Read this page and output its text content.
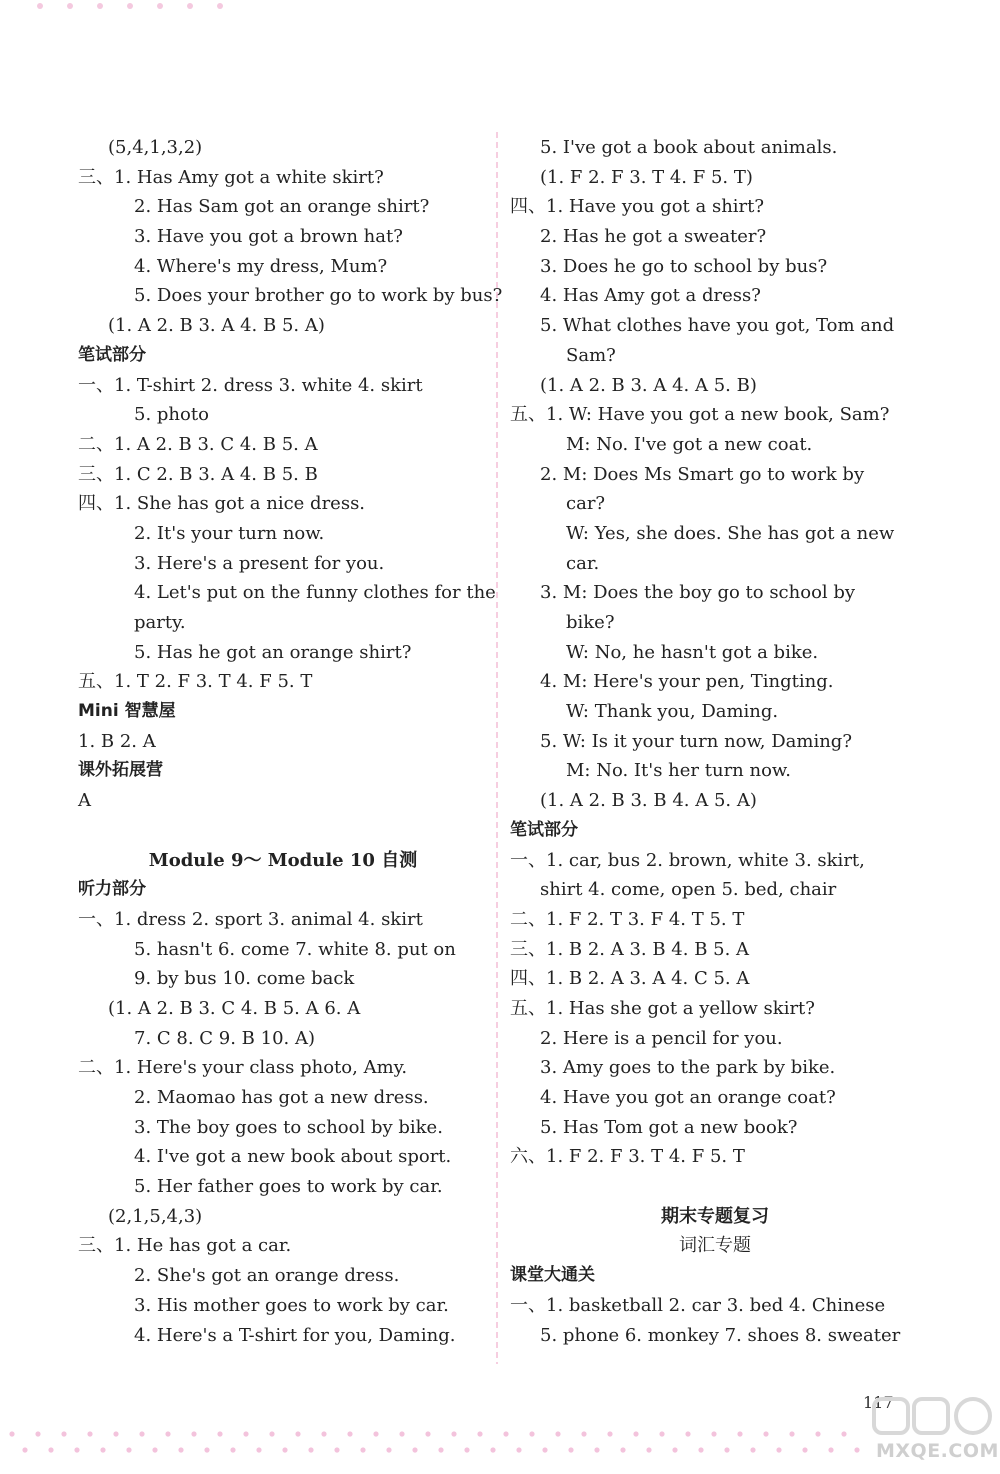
(5,4,1,3,2)
三、1. Has Amy got a white skirt?
2. Has Sam got an orange shirt?
3. Have you got a brown hat?
4. Where's my dress, Mum?
5. Does your brother go to work by bus?
(1. A 2. B 3. A 4. B 5. A)
笔试部分
一、1. T-shirt 2. dress 3. white 4. skirt
5. photo
二、1. A 2. B 3. C 4. B 5. A
三、1. C 2. B 3. A 4. B 5. B
四、1. She has got a nice dress.
2. It's your turn now.
3. Here's a present for you.
4. Let's put on the funny clothes for the
party.
5. Has he got an orange shirt?
五、1. T 2. F 3. T 4. F 5. T
Mini 智慧屋
1. B 2. A
课外拓展营
A
Module 9～ Module 10 自测
听力部分
一、1. dress 2. sport 3. animal 4. skirt
5. hasn't 6. come 7. white 8. put on
9. by bus 10. come back
(1. A 2. B 3. C 4. B 5. A 6. A
7. C 8. C 9. B 10. A)
二、1. Here's your class photo, Amy.
2. Maomao has got a new dress.
3. The boy goes to school by bike.
4. I've got a new book about sport.
5. Her father goes to work by car.
(2,1,5,4,3)
三、1. He has got a car.
2. She's got an orange dress.
3. His mother goes to work by car.
4. Here's a T-shirt for you, Daming.
5. I've got a book about animals.
(1. F 2. F 3. T 4. F 5. T)
四、1. Have you got a shirt?
2. Has he got a sweater?
3. Does he go to school by bus?
4. Has Amy got a dress?
5. What clothes have you got, Tom and
Sam?
(1. A 2. B 3. A 4. A 5. B)
五、1. W: Have you got a new book, Sam?
M: No. I've got a new coat.
2. M: Does Ms Smart go to work by
car?
W: Yes, she does. She has got a new
car.
3. M: Does the boy go to school by
bike?
W: No, he hasn't got a bike.
4. M: Here's your pen, Tingting.
W: Thank you, Daming.
5. W: Is it your turn now, Daming?
M: No. It's her turn now.
(1. A 2. B 3. B 4. A 5. A)
笔试部分
一、1. car, bus 2. brown, white 3. skirt,
shirt 4. come, open 5. bed, chair
二、1. F 2. T 3. F 4. T 5. T
三、1. B 2. A 3. B 4. B 5. A
四、1. B 2. A 3. A 4. C 5. A
五、1. Has she got a yellow skirt?
2. Here is a pencil for you.
3. Amy goes to the park by bike.
4. Have you got an orange coat?
5. Has Tom got a new book?
六、1. F 2. F 3. T 4. F 5. T
期末专题复习
词汇专题
课堂大通关
一、1. basketball 2. car 3. bed 4. Chinese
5. phone 6. monkey 7. shoes 8. sweater
117
MXQE.COM
